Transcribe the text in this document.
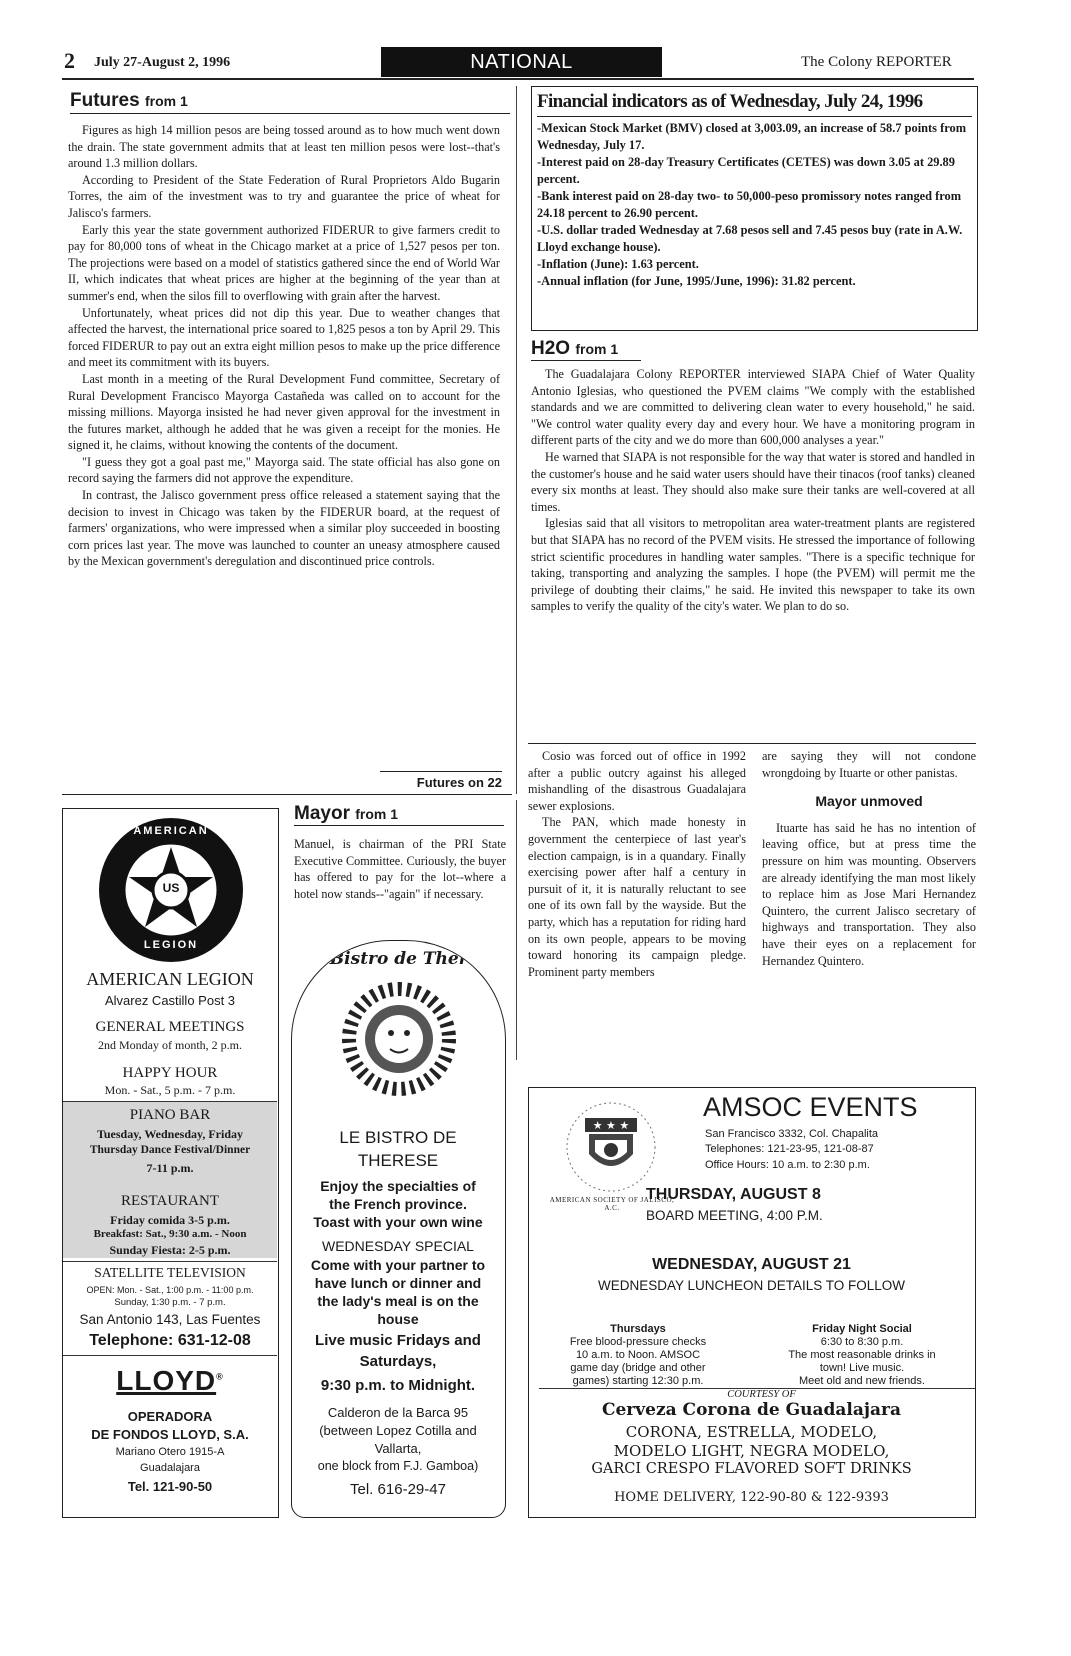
2 July 27-August 2, 1996	NATIONAL	The Colony REPORTER
Futures from 1

Figures as high 14 million pesos are being tossed around as to how much went down the drain. The state government admits that at least ten million pesos were lost--that's around 1.3 million dollars.

According to President of the State Federation of Rural Proprietors Aldo Bugarin Torres, the aim of the investment was to try and guarantee the price of wheat for Jalisco's farmers.

Early this year the state government authorized FIDERUR to give farmers credit to pay for 80,000 tons of wheat in the Chicago market at a price of 1,527 pesos per ton. The projections were based on a model of statistics gathered since the end of World War II, which indicates that wheat prices are higher at the beginning of the year than at summer's end, when the silos fill to overflowing with grain after the harvest.

Unfortunately, wheat prices did not dip this year. Due to weather changes that affected the harvest, the international price soared to 1,825 pesos a ton by April 29. This forced FIDERUR to pay out an extra eight million pesos to make up the price difference and meet its commitment with its buyers.

Last month in a meeting of the Rural Development Fund committee, Secretary of Rural Development Francisco Mayorga Castañeda was called on to account for the missing millions. Mayorga insisted he had never given approval for the investment in the futures market, although he added that he was given a receipt for the monies. He signed it, he claims, without knowing the contents of the document.

"I guess they got a goal past me," Mayorga said. The state official has also gone on record saying the farmers did not approve the expenditure.

In contrast, the Jalisco government press office released a statement saying that the decision to invest in Chicago was taken by the FIDERUR board, at the request of farmers' organizations, who were impressed when a similar ploy succeeded in boosting corn prices last year. The move was launched to counter an uneasy atmosphere caused by the Mexican government's deregulation and discontinued price controls.

Futures on 22
Financial indicators as of Wednesday, July 24, 1996
-Mexican Stock Market (BMV) closed at 3,003.09, an increase of 58.7 points from Wednesday, July 17.
-Interest paid on 28-day Treasury Certificates (CETES) was down 3.05 at 29.89 percent.
-Bank interest paid on 28-day two- to 50,000-peso promissory notes ranged from 24.18 percent to 26.90 percent.
-U.S. dollar traded Wednesday at 7.68 pesos sell and 7.45 pesos buy (rate in A.W. Lloyd exchange house).
-Inflation (June): 1.63 percent.
-Annual inflation (for June, 1995/June, 1996): 31.82 percent.
H2O from 1

The Guadalajara Colony REPORTER interviewed SIAPA Chief of Water Quality Antonio Iglesias, who questioned the PVEM claims "We comply with the established standards and we are committed to delivering clean water to every household," he said. "We control water quality every day and every hour. We have a monitoring program in different parts of the city and we do more than 600,000 analyses a year."

He warned that SIAPA is not responsible for the way that water is stored and handled in the customer's house and he said water users should have their tinacos (roof tanks) cleaned every six months at least. They should also make sure their tanks are well-covered at all times.

Iglesias said that all visitors to metropolitan area water-treatment plants are registered but that SIAPA has no record of the PVEM visits. He stressed the importance of following strict scientific procedures in handling water samples. "There is a specific technique for taking, transporting and analyzing the samples. I hope (the PVEM) will permit me the privilege of doubting their claims," he said. He invited this newspaper to take its own samples to verify the quality of the city's water. We plan to do so.

Mayor from 1

Manuel, is chairman of the PRI State Executive Committee. Curiously, the buyer has offered to pay for the lot--where a hotel now stands--"again" if necessary.

Cosio was forced out of office in 1992 after a public outcry against his alleged mishandling of the disastrous Guadalajara sewer explosions.

The PAN, which made honesty in government the centerpiece of last year's election campaign, is in a quandary. Finally exercising power after half a century in pursuit of it, it is naturally reluctant to see one of its own fall by the wayside. But the party, which has a reputation for riding hard on its own people, appears to be moving toward honoring its campaign pledge. Prominent party members

are saying they will not condone wrongdoing by Ituarte or other panistas.

Mayor unmoved

Ituarte has said he has no intention of leaving office, but at press time the pressure on him was mounting. Observers are already identifying the man most likely to replace him as Jose Mari Hernandez Quintero, the current Jalisco secretary of highways and transportation. They also have their eyes on a replacement for Hernandez Quintero.

US
AMERICAN
LEGION
AMERICAN LEGION
Alvarez Castillo Post 3
GENERAL MEETINGS
2nd Monday of month, 2 p.m.
HAPPY HOUR
Mon. - Sat., 5 p.m. - 7 p.m.
PIANO BAR
Tuesday, Wednesday, Friday
Thursday Dance Festival/Dinner
7-11 p.m.
RESTAURANT
Friday comida 3-5 p.m.
Breakfast: Sat., 9:30 a.m. - Noon
Sunday Fiesta: 2-5 p.m.
SATELLITE TELEVISION
OPEN: Mon. - Sat., 1:00 p.m. - 11:00 p.m.
Sunday, 1:30 p.m. - 7 p.m.
San Antonio 143, Las Fuentes
Telephone: 631-12-08
LLOYD®
OPERADORA
DE FONDOS LLOYD, S.A.
Mariano Otero 1915-A
Guadalajara
Tel. 121-90-50
Le Bistro de Thérèse
LE BISTRO DE
THERESE
Enjoy the specialties of
the French province.
Toast with your own wine
WEDNESDAY SPECIAL
Come with your partner to
have lunch or dinner and
the lady's meal is on the
house
Live music Fridays and
Saturdays,
9:30 p.m. to Midnight.
Calderon de la Barca 95
(between Lopez Cotilla and
Vallarta,
one block from F.J. Gamboa)
Tel. 616-29-47
★ ★ ★
AMERICAN SOCIETY OF JALISCO, A.C.
AMSOC EVENTS
San Francisco 3332, Col. Chapalita
Telephones: 121-23-95, 121-08-87
Office Hours: 10 a.m. to 2:30 p.m.
THURSDAY, AUGUST 8
BOARD MEETING, 4:00 P.M.
WEDNESDAY, AUGUST 21
WEDNESDAY LUNCHEON DETAILS TO FOLLOW
Thursdays
Free blood-pressure checks
10 a.m. to Noon. AMSOC
game day (bridge and other
games) starting 12:30 p.m.
Friday Night Social
6:30 to 8:30 p.m.
The most reasonable drinks in
town! Live music.
Meet old and new friends.
COURTESY OF
Cerveza Corona de Guadalajara
CORONA, ESTRELLA, MODELO,
MODELO LIGHT, NEGRA MODELO,
GARCI CRESPO FLAVORED SOFT DRINKS
HOME DELIVERY, 122-90-80 & 122-9393
